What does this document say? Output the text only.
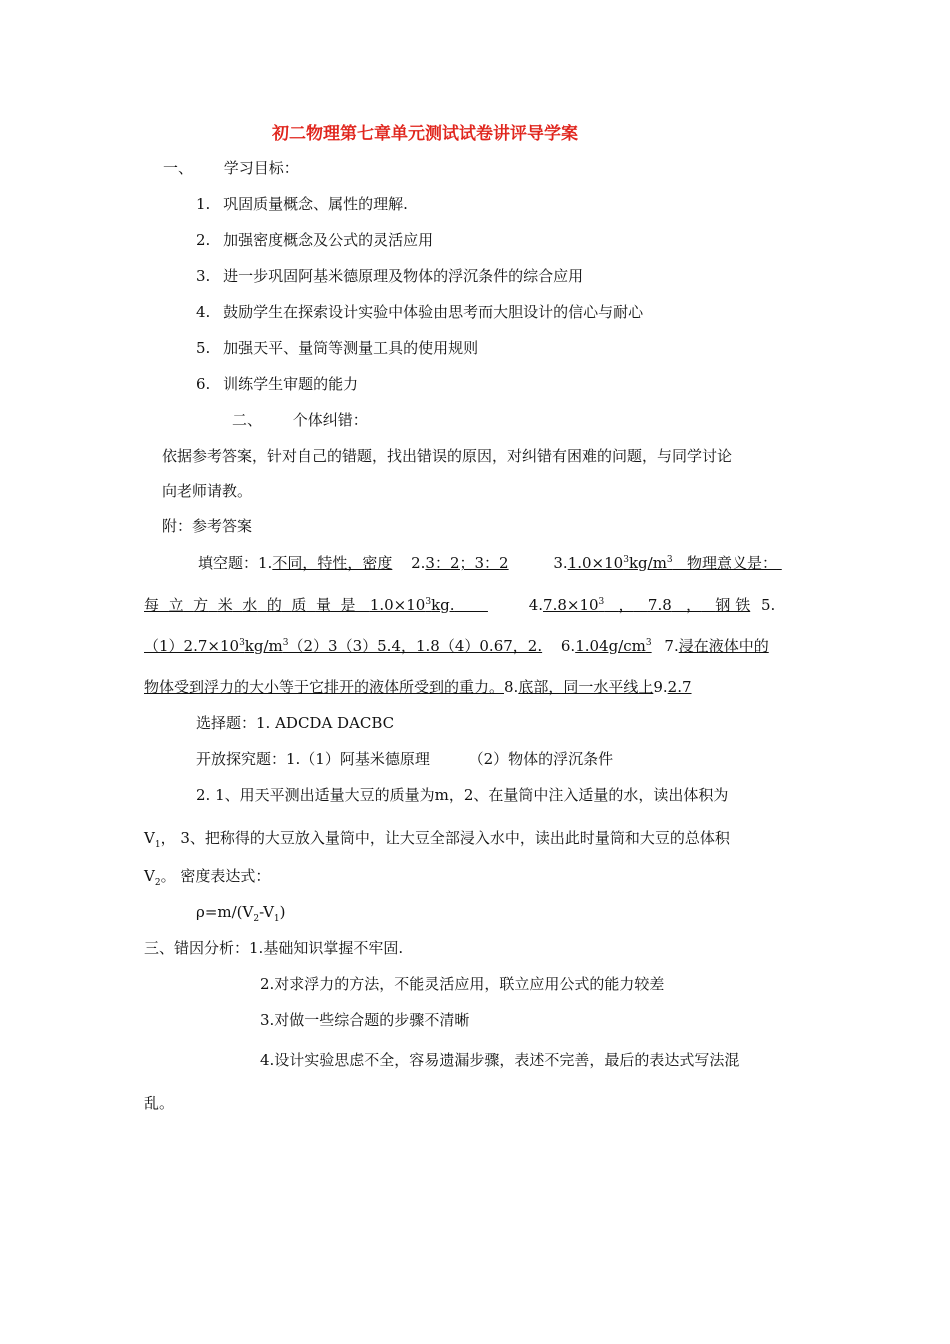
初二物理第七章单元测试试卷讲评导学案
一、 学习目标：
1. 巩固质量概念、属性的理解.
2. 加强密度概念及公式的灵活应用
3. 进一步巩固阿基米德原理及物体的浮沉条件的综合应用
4. 鼓励学生在探索设计实验中体验由思考而大胆设计的信心与耐心
5. 加强天平、量筒等测量工具的使用规则
6. 训练学生审题的能力
二、 个体纠错：
依据参考答案，针对自己的错题，找出错误的原因，对纠错有困难的问题，与同学讨论
向老师请教。
附：参考答案
填空题：1.不同，特性，密度 2.3：2；3：2	$3.1.0\times 10^3kg/m^3$ 物理意义是：
每 立 方 米 水 的 质 量 是 $1.0\times 10^3kg$.	$4.7.8\times 10^3$ ， 7.8 ， 钢 铁 5.
$(1)2.7\times 10^3kg/m^3(2)3(3)5.4$，1.8（4）0.67，2. $6.1.04g/cm^3$ 7.浸在液体中的
物体受到浮力的大小等于它排开的液体所受到的重力。8.底部，同一水平线上9.2.7
选择题：1. ADCDA DACBC
开放探究题：1.（1）阿基米德原理	（2）物体的浮沉条件
2. 1、用天平测出适量大豆的质量为m，2、在量筒中注入适量的水，读出体积为
$V_1$， 3、把称得的大豆放入量筒中，让大豆全部浸入水中，读出此时量筒和大豆的总体积
$V_2$。 密度表达式：
$\rho=m/(V_2-V_1)$
三、错因分析：1.基础知识掌握不牢固.
2.对求浮力的方法，不能灵活应用，联立应用公式的能力较差
3.对做一些综合题的步骤不清晰
4.设计实验思虑不全，容易遗漏步骤，表述不完善，最后的表达式写法混
乱。
